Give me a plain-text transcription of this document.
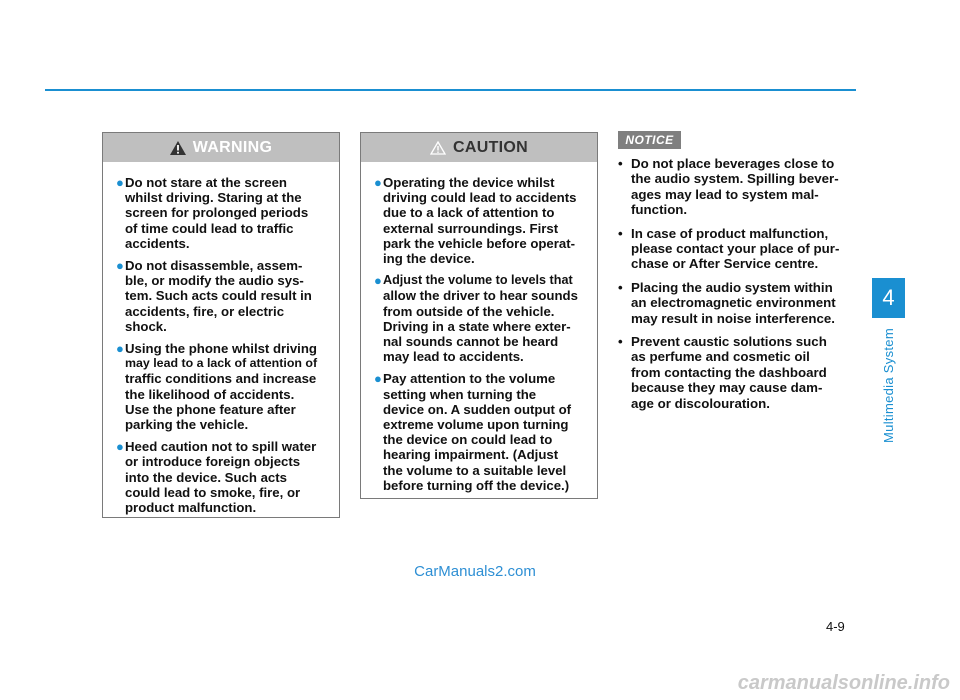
WARNING
● Do not stare at the screen
whilst driving. Staring at the
screen for prolonged periods
of time could lead to traffic
accidents.
● Do not disassemble, assem-
ble, or modify the audio sys-
tem. Such acts could result in
accidents, fire, or electric
shock.
● Using the phone whilst driving
may lead to a lack of attention of
traffic conditions and increase
the likelihood of accidents.
Use the phone feature after
parking the vehicle.
● Heed caution not to spill water
or introduce foreign objects
into the device. Such acts
could lead to smoke, fire, or
product malfunction.
CAUTION
● Operating the device whilst
driving could lead to accidents
due to a lack of attention to
external surroundings. First
park the vehicle before operat-
ing the device.
● Adjust the volume to levels that
allow the driver to hear sounds
from outside of the vehicle.
Driving in a state where exter-
nal sounds cannot be heard
may lead to accidents.
● Pay attention to the volume
setting when turning the
device on. A sudden output of
extreme volume upon turning
the device on could lead to
hearing impairment. (Adjust
the volume to a suitable level
before turning off the device.)
NOTICE
• Do not place beverages close to
the audio system. Spilling bever-
ages may lead to system mal-
function.
• In case of product malfunction,
please contact your place of pur-
chase or After Service centre.
• Placing the audio system within
an electromagnetic environment
may result in noise interference.
• Prevent caustic solutions such
as perfume and cosmetic oil
from contacting the dashboard
because they may cause dam-
age or discolouration.
4
Multimedia System
CarManuals2.com
4-9
carmanualsonline.info
